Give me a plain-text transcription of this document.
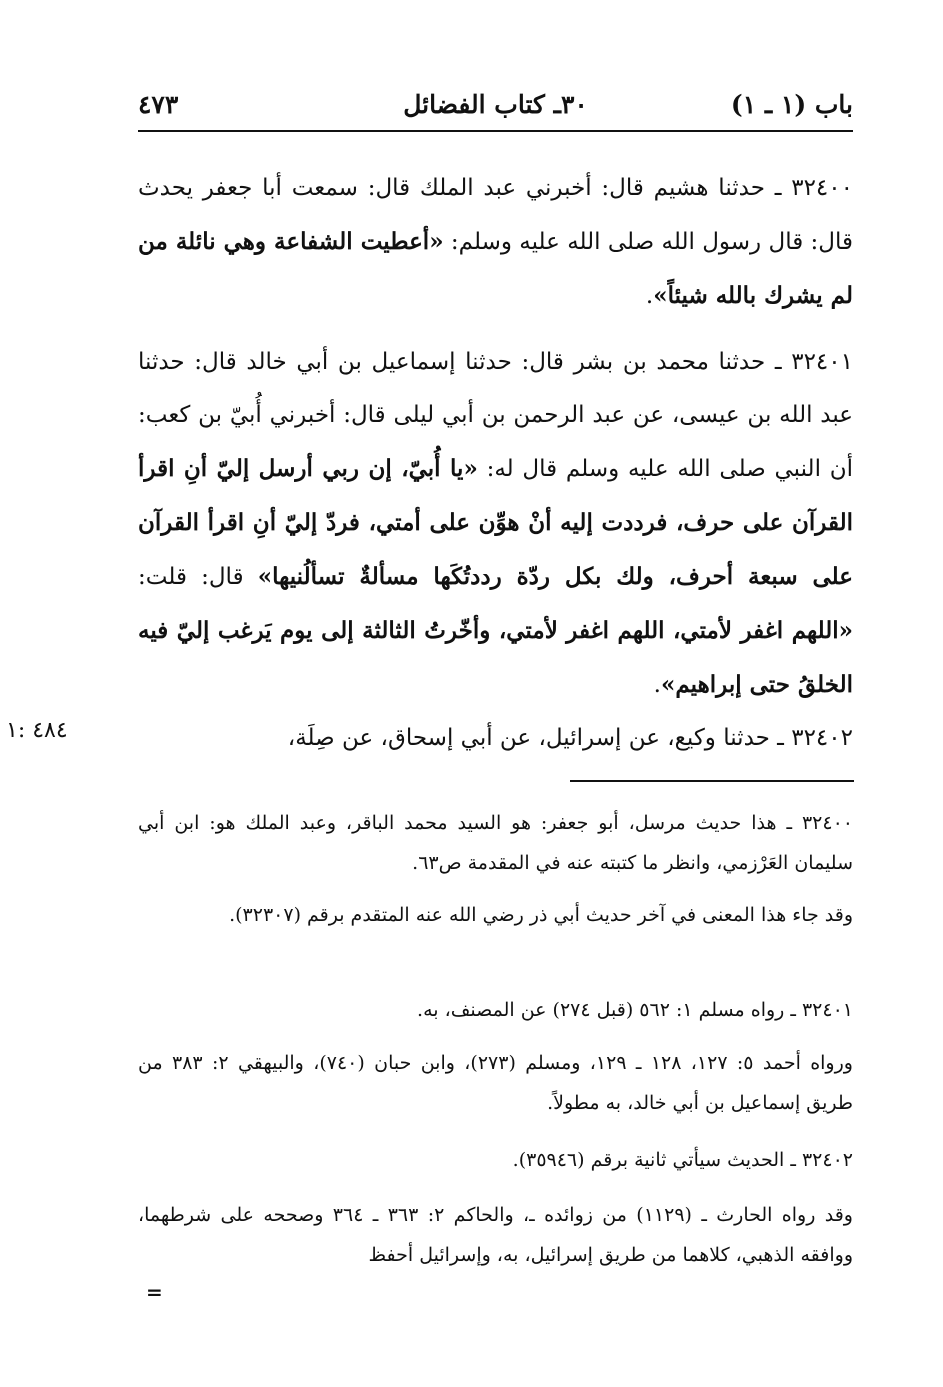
باب (١ ـ ١)
٣٠ـ كتاب الفضائل
٤٧٣

٣٢٤٠٠ ـ حدثنا هشيم قال: أخبرني عبد الملك قال: سمعت أبا جعفر يحدث قال: قال رسول الله صلى الله عليه وسلم: «أعطيت الشفاعة وهي نائلة من لم يشرك بالله شيئاً».

٣٢٤٠١ ـ حدثنا محمد بن بشر قال: حدثنا إسماعيل بن أبي خالد قال: حدثنا عبد الله بن عيسى، عن عبد الرحمن بن أبي ليلى قال: أخبرني أُبيّ بن كعب: أن النبي صلى الله عليه وسلم قال له: «يا أُبيّ، إن ربي أرسل إليّ أنِ اقرأ القرآن على حرف، فرددت إليه أنْ هوِّن على أمتي، فردّ إليّ أنِ اقرأ القرآن على سبعة أحرف، ولك بكل ردّة رددتُكَها مسألةٌ تسألُنيها» قال: قلت: «اللهم اغفر لأمتي، اللهم اغفر لأمتي، وأخّرتُ الثالثة إلى يوم يَرغب إليّ فيه الخلقُ حتى إبراهيم».

٣٢٤٠٢ ـ حدثنا وكيع، عن إسرائيل، عن أبي إسحاق، عن صِلَة،

٤٨٤ :١

٣٢٤٠٠ ـ هذا حديث مرسل، أبو جعفر: هو السيد محمد الباقر، وعبد الملك هو: ابن أبي سليمان العَرْزمي، وانظر ما كتبته عنه في المقدمة ص٦٣.

وقد جاء هذا المعنى في آخر حديث أبي ذر رضي الله عنه المتقدم برقم (٣٢٣٠٧).

٣٢٤٠١ ـ رواه مسلم ١: ٥٦٢ (قبل ٢٧٤) عن المصنف، به.

ورواه أحمد ٥: ١٢٧، ١٢٨ ـ ١٢٩، ومسلم (٢٧٣)، وابن حبان (٧٤٠)، والبيهقي ٢: ٣٨٣ من طريق إسماعيل بن أبي خالد، به مطولاً.

٣٢٤٠٢ ـ الحديث سيأتي ثانية برقم (٣٥٩٤٦).

وقد رواه الحارث ـ (١١٢٩) من زوائده ـ، والحاكم ٢: ٣٦٣ ـ ٣٦٤ وصححه على شرطهما، ووافقه الذهبي، كلاهما من طريق إسرائيل، به، وإسرائيل أحفظ

=
